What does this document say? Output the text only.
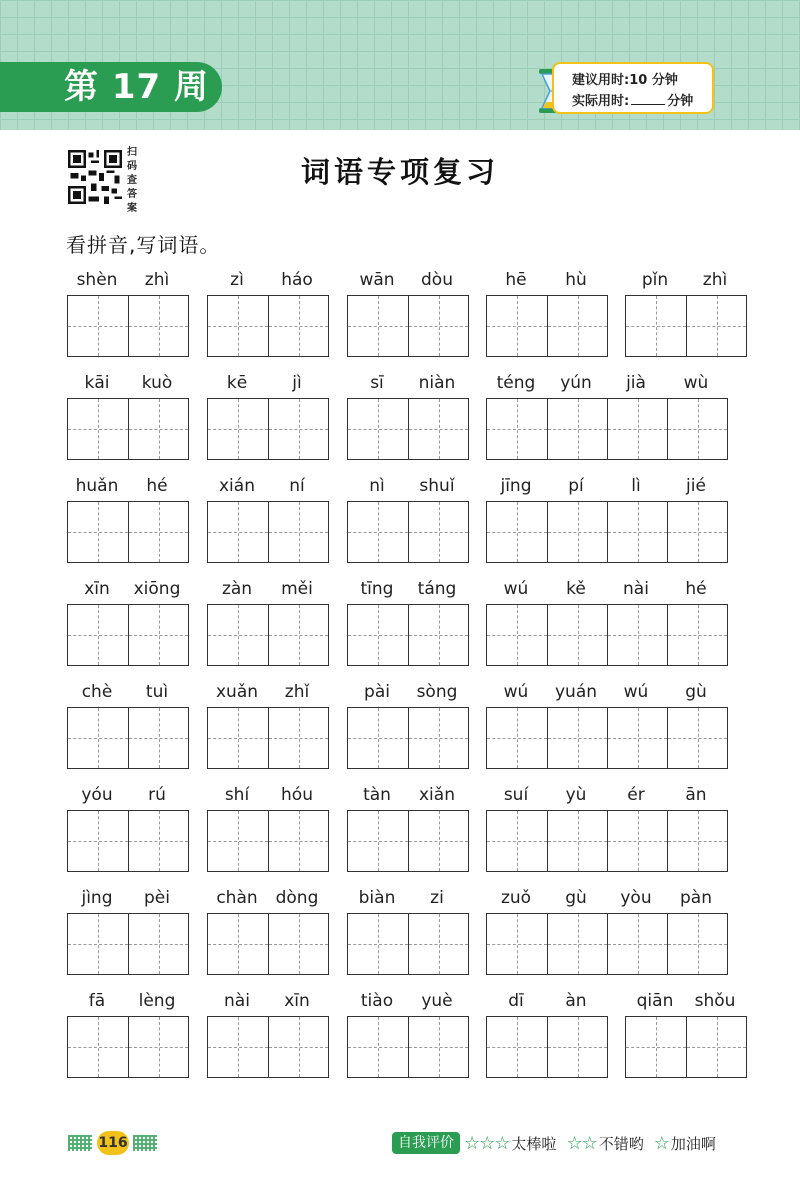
第 17 周	建议用时:10 分钟
实际用时:	分钟
扫码查答案
词语专项复习
看拼音,写词语。
shèn	zhì	zì	háo	wān	dòu	hē	hù	pǐn	zhì
kāi	kuò	kē	jì	sī	niàn	téng	yún	jià	wù
huǎn	hé	xián	ní	nì	shuǐ	jīng	pí	lì	jié
xīn	xiōng	zàn	měi	tīng	táng	wú	kě	nài	hé
chè	tuì	xuǎn	zhǐ	pài	sòng	wú	yuán	wú	gù
yóu	rú	shí	hóu	tàn	xiǎn	suí	yù	ér	ān
jìng	pèi	chàn	dòng	biàn	zi	zuǒ	gù	yòu	pàn
fā	lèng	nài	xīn	tiào	yuè	dī	àn	qiān	shǒu
116	自我评价 ☆☆☆ 太棒啦 ☆☆ 不错哟 ☆ 加油啊
